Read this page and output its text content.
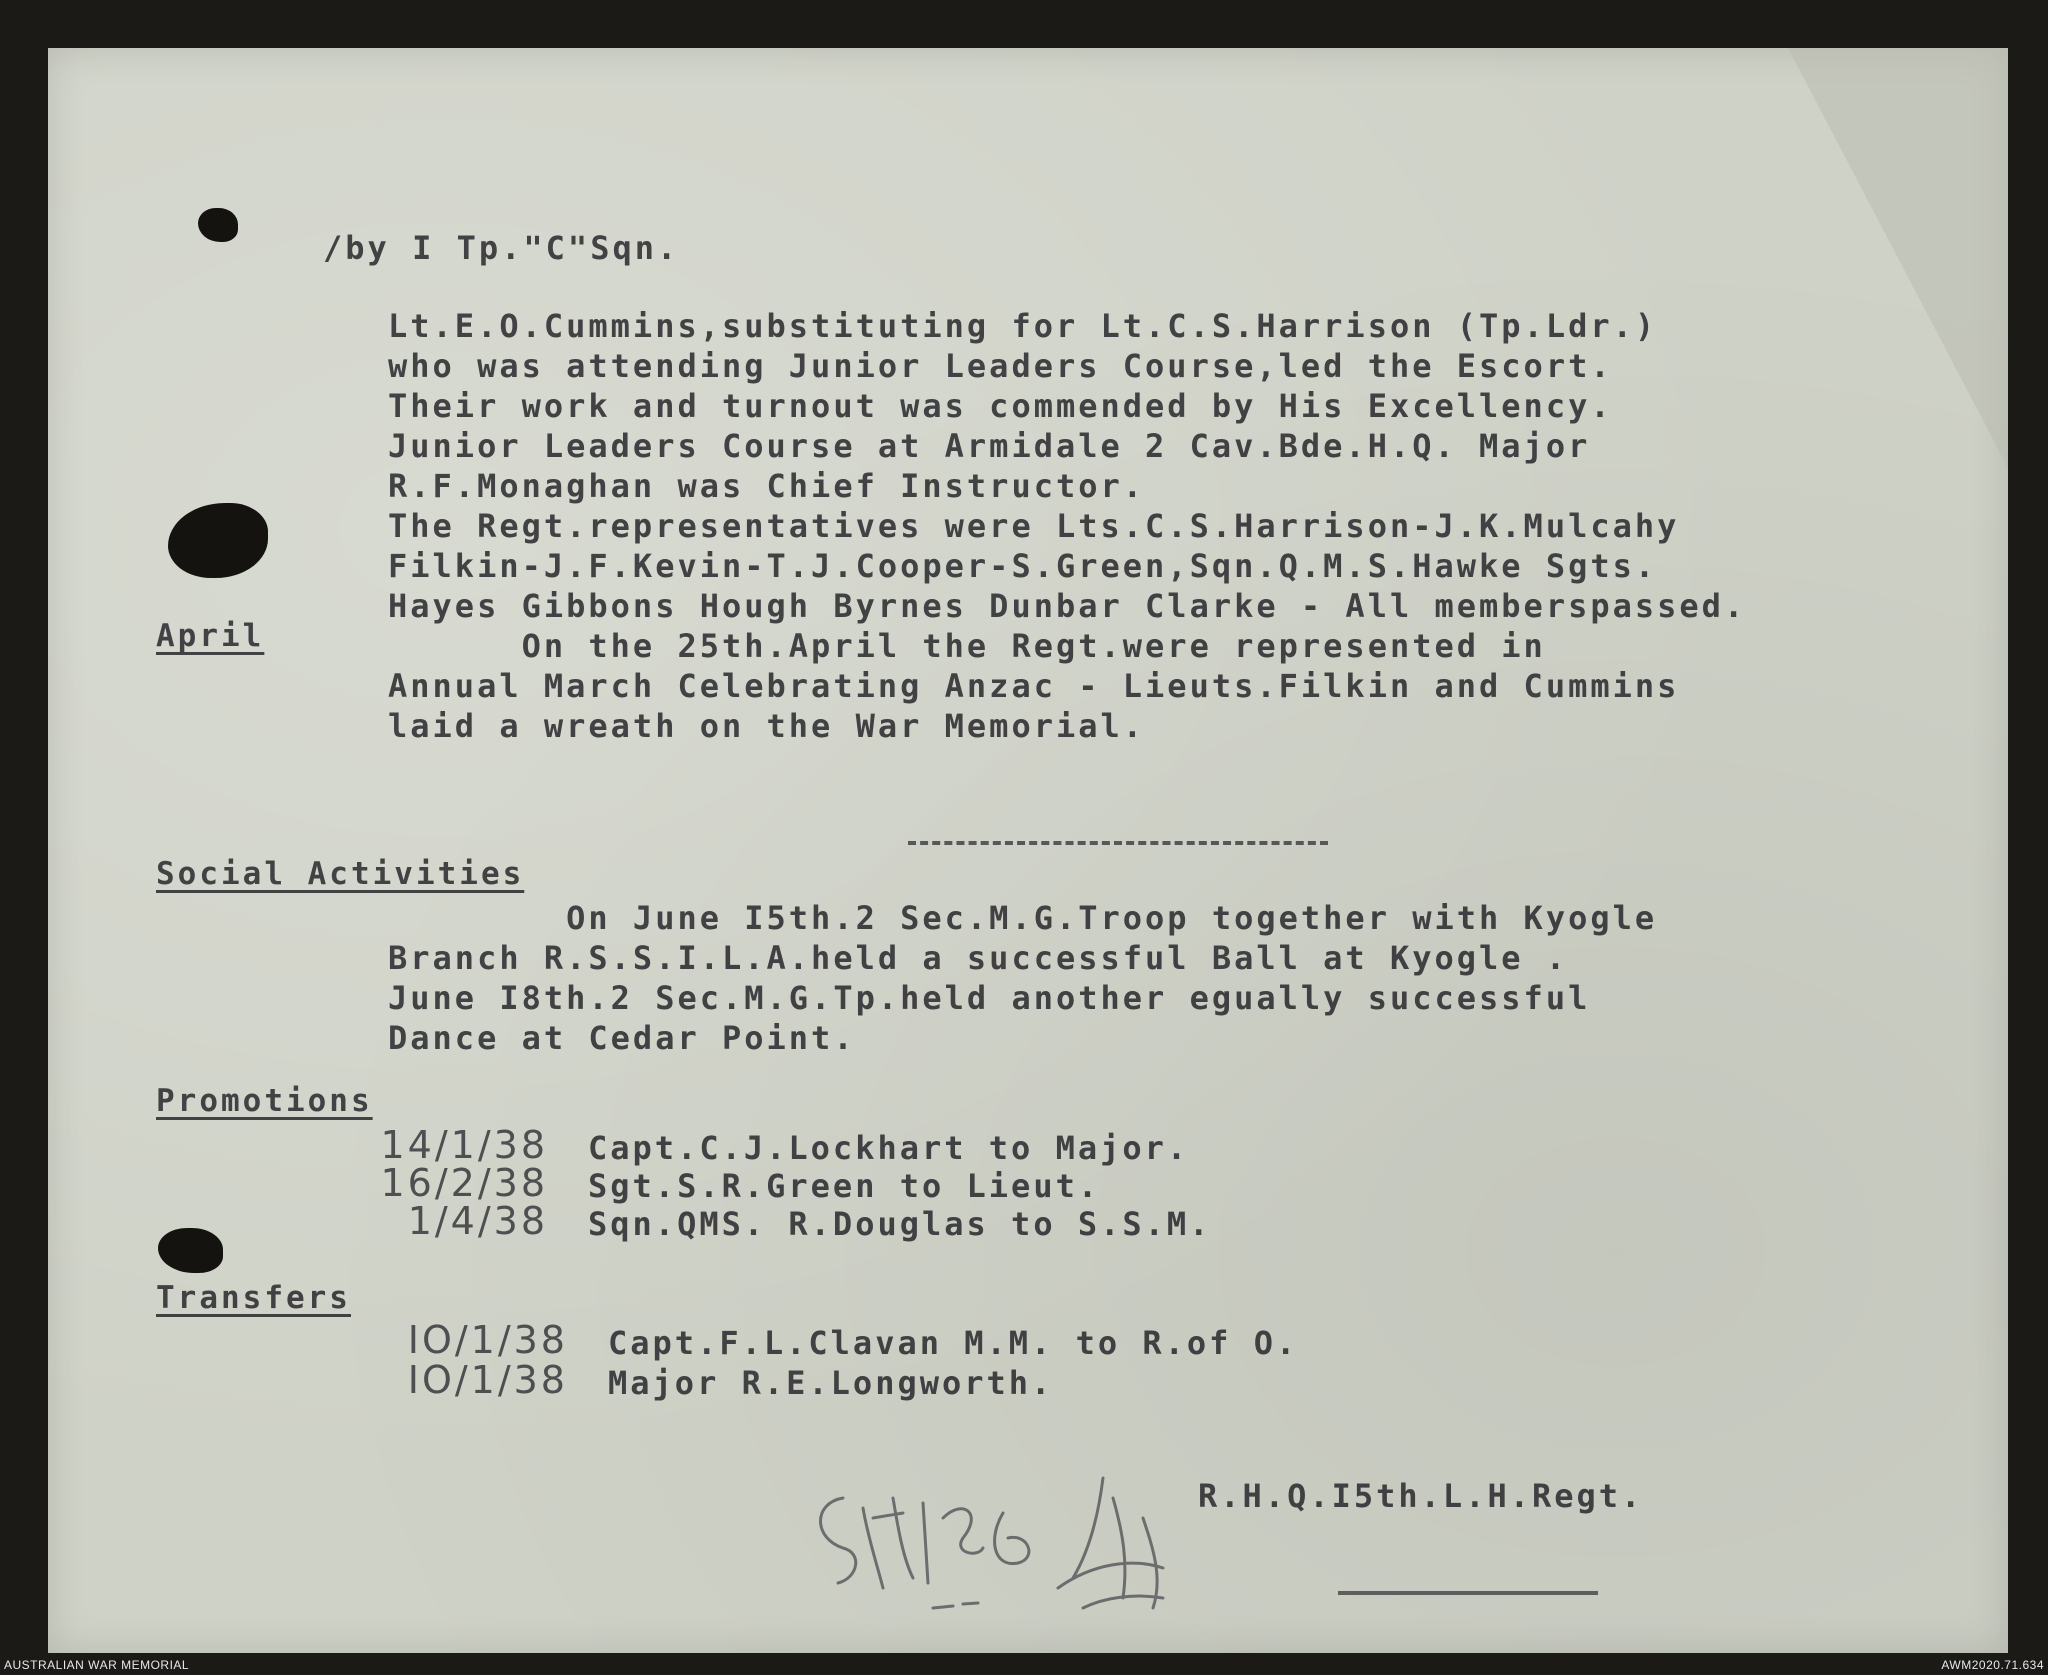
/by I Tp."C"Sqn.
Lt.E.O.Cummins,substituting for Lt.C.S.Harrison (Tp.Ldr.)
who was attending Junior Leaders Course,led the Escort.
Their work and turnout was commended by His Excellency.
Junior Leaders Course at Armidale 2 Cav.Bde.H.Q. Major
R.F.Monaghan was Chief Instructor.
The Regt.representatives were Lts.C.S.Harrison-J.K.Mulcahy
Filkin-J.F.Kevin-T.J.Cooper-S.Green,Sqn.Q.M.S.Hawke Sgts.
Hayes Gibbons Hough Byrnes Dunbar Clarke - All memberspassed.
April	On the 25th.April the Regt.were represented in
Annual March Celebrating Anzac - Lieuts.Filkin and Cummins
laid a wreath on the War Memorial.
Social Activities
On June I5th.2 Sec.M.G.Troop together with Kyogle
Branch R.S.S.I.L.A.held a successful Ball at Kyogle .
June I8th.2 Sec.M.G.Tp.held another egually successful
Dance at Cedar Point.
Promotions
14/1/38	Capt.C.J.Lockhart to Major.
16/2/38	Sgt.S.R.Green to Lieut.
1/4/38	Sqn.QMS. R.Douglas to S.S.M.
Transfers
IO/1/38	Capt.F.L.Clavan M.M. to R.of O.
IO/1/38	Major R.E.Longworth.
R.H.Q.I5th.L.H.Regt.
AUSTRALIAN WAR MEMORIAL	AWM2020.71.634
